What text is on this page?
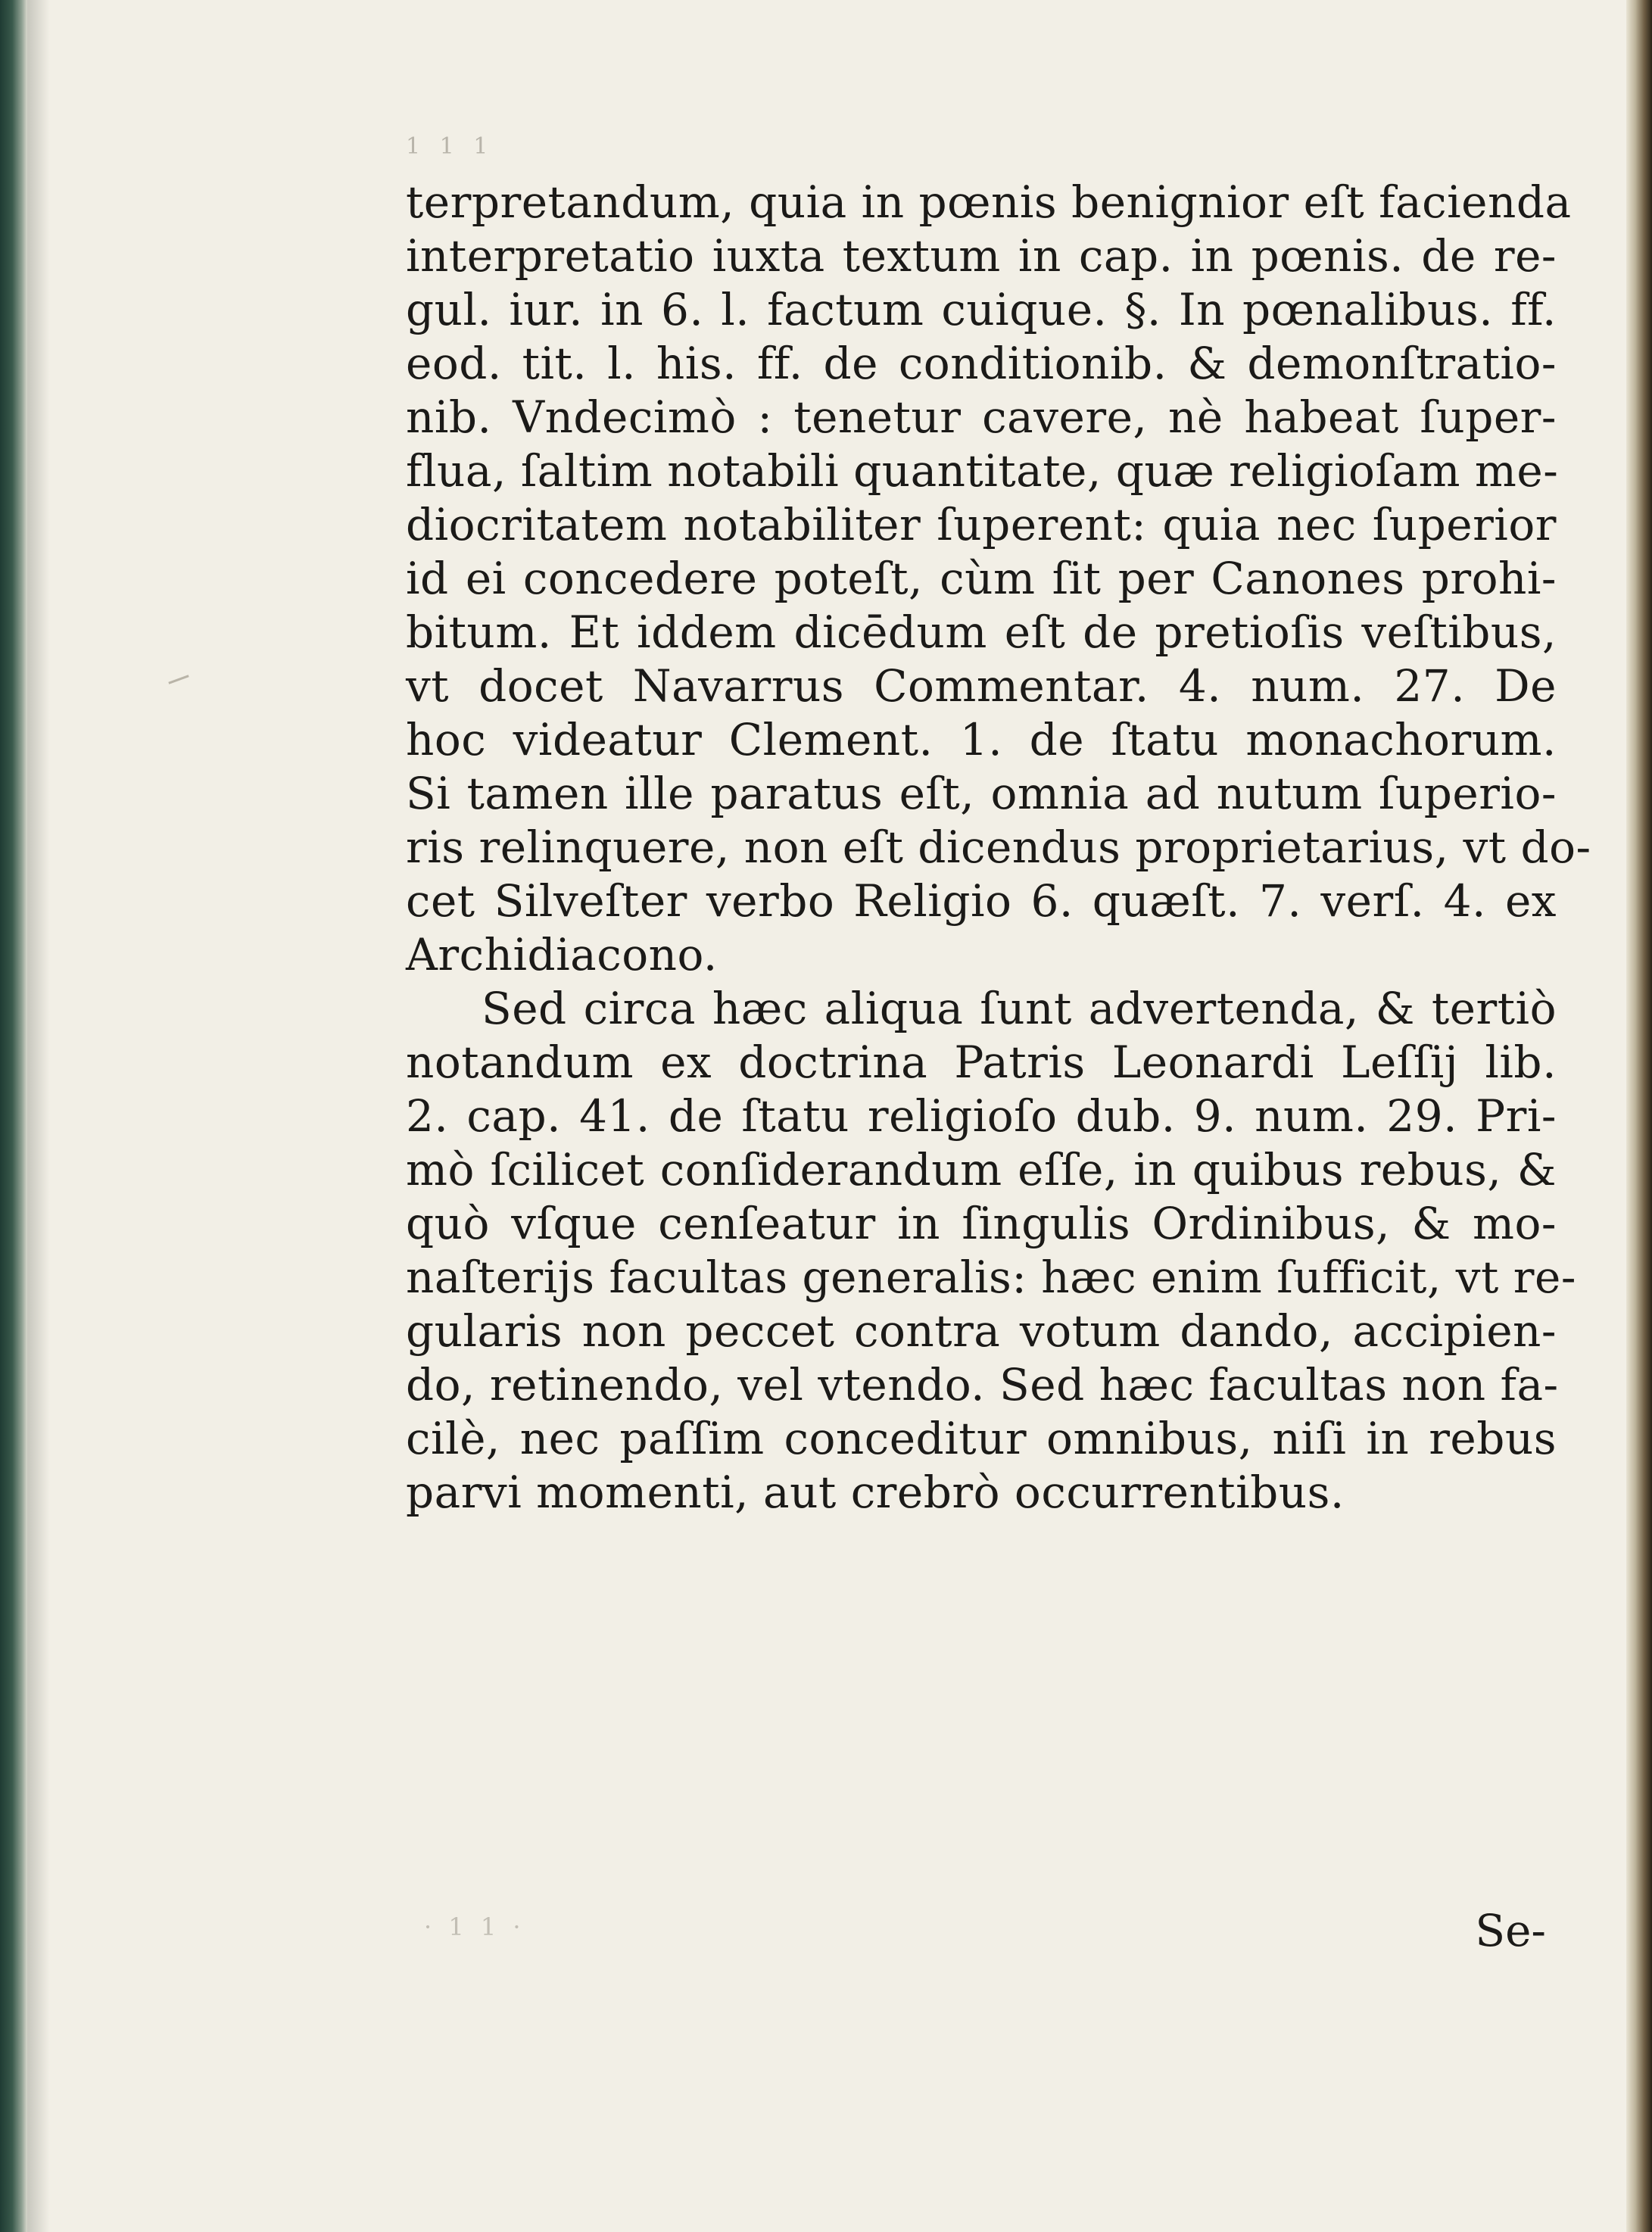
1 1 1
terpretandum, quia in pœnis benignior eſt facienda
interpretatio iuxta textum in cap. in pœnis. de re-
gul. iur. in 6. l. factum cuique. §. In pœnalibus. ff.
eod. tit. l. his. ff. de conditionib. & demonſtratio-
nib. Vndecimò : tenetur cavere, nè habeat ſuper-
flua, ſaltim notabili quantitate, quæ religioſam me-
diocritatem notabiliter ſuperent: quia nec ſuperior
id ei concedere poteſt, cùm ſit per Canones prohi-
bitum. Et iddem dicēdum eſt de pretioſis veſtibus,
vt docet Navarrus Commentar. 4. num. 27. De
hoc videatur Clement. 1. de ſtatu monachorum.
Si tamen ille paratus eſt, omnia ad nutum ſuperio-
ris relinquere, non eſt dicendus proprietarius, vt do-
cet Silveſter verbo Religio 6. quæſt. 7. verſ. 4. ex
Archidiacono.
Sed circa hæc aliqua ſunt advertenda, & tertiò
notandum ex doctrina Patris Leonardi Leſſij lib.
2. cap. 41. de ſtatu religioſo dub. 9. num. 29. Pri-
mò ſcilicet conſiderandum eſſe, in quibus rebus, &
quò vſque cenſeatur in ſingulis Ordinibus, & mo-
naſterijs facultas generalis: hæc enim ſufficit, vt re-
gularis non peccet contra votum dando, accipien-
do, retinendo, vel vtendo. Sed hæc facultas non fa-
cilè, nec paſſim conceditur omnibus, niſi in rebus
parvi momenti, aut crebrò occurrentibus.
· 1 1 ·	Se-
